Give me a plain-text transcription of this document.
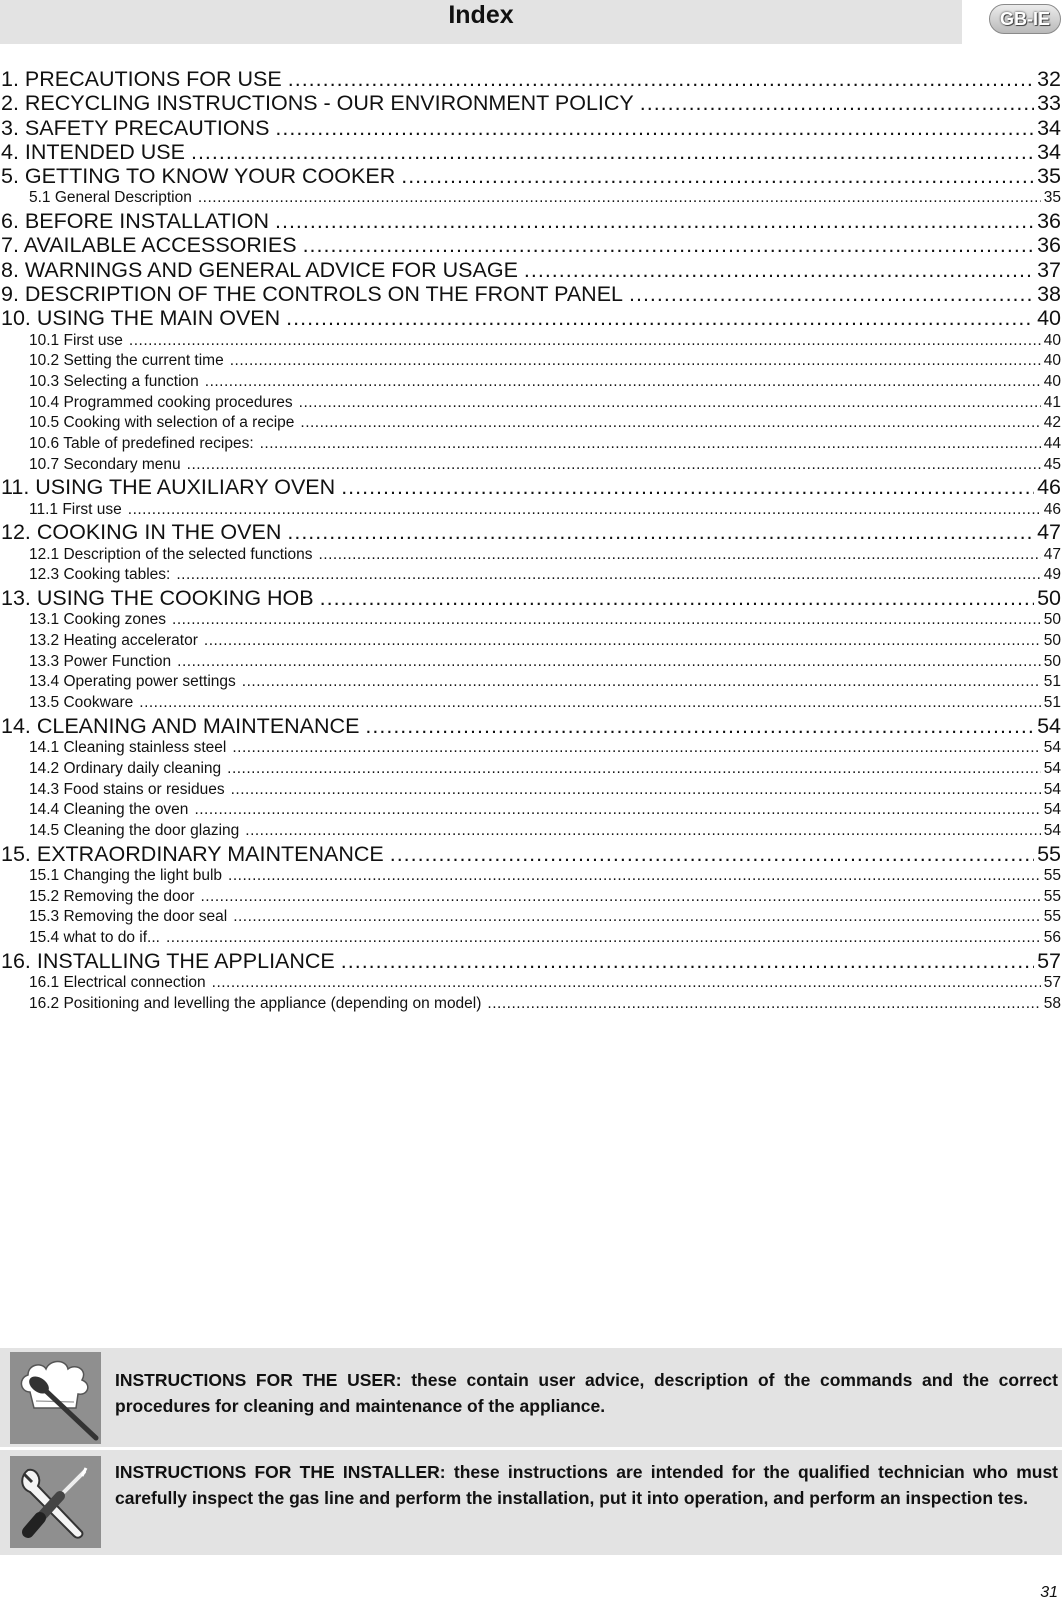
Index	GB-IE
1. PRECAUTIONS FOR USE .....	32
2. RECYCLING INSTRUCTIONS - OUR ENVIRONMENT POLICY .....	33
3. SAFETY PRECAUTIONS .....	34
4. INTENDED USE .....	34
5. GETTING TO KNOW YOUR COOKER .....	35
5.1 General Description .....	35
6. BEFORE INSTALLATION .....	36
7. AVAILABLE ACCESSORIES .....	36
8. WARNINGS AND GENERAL ADVICE FOR USAGE .....	37
9. DESCRIPTION OF THE CONTROLS ON THE FRONT PANEL .....	38
10. USING THE MAIN OVEN .....	40
10.1 First use .....	40
10.2 Setting the current time .....	40
10.3 Selecting a function .....	40
10.4 Programmed cooking procedures .....	41
10.5 Cooking with selection of a recipe .....	42
10.6 Table of predefined recipes: .....	44
10.7 Secondary menu .....	45
11. USING THE AUXILIARY OVEN .....	46
11.1 First use .....	46
12. COOKING IN THE OVEN .....	47
12.1 Description of the selected functions .....	47
12.3 Cooking tables: .....	49
13. USING THE COOKING HOB .....	50
13.1 Cooking zones .....	50
13.2 Heating accelerator .....	50
13.3 Power Function .....	50
13.4 Operating power settings .....	51
13.5 Cookware .....	51
14. CLEANING AND MAINTENANCE .....	54
14.1 Cleaning stainless steel .....	54
14.2 Ordinary daily cleaning .....	54
14.3 Food stains or residues .....	54
14.4 Cleaning the oven .....	54
14.5 Cleaning the door glazing .....	54
15. EXTRAORDINARY MAINTENANCE .....	55
15.1 Changing the light bulb .....	55
15.2 Removing the door .....	55
15.3 Removing the door seal .....	55
15.4 what to do if... .....	56
16. INSTALLING THE APPLIANCE .....	57
16.1 Electrical connection .....	57
16.2 Positioning and levelling the appliance (depending on model) .....	58
INSTRUCTIONS FOR THE USER: these contain user advice, description of the commands and the correct procedures for cleaning and maintenance of the appliance.
INSTRUCTIONS FOR THE INSTALLER: these instructions are intended for the qualified technician who must carefully inspect the gas line and perform the installation, put it into operation, and perform an inspection tes.
31
